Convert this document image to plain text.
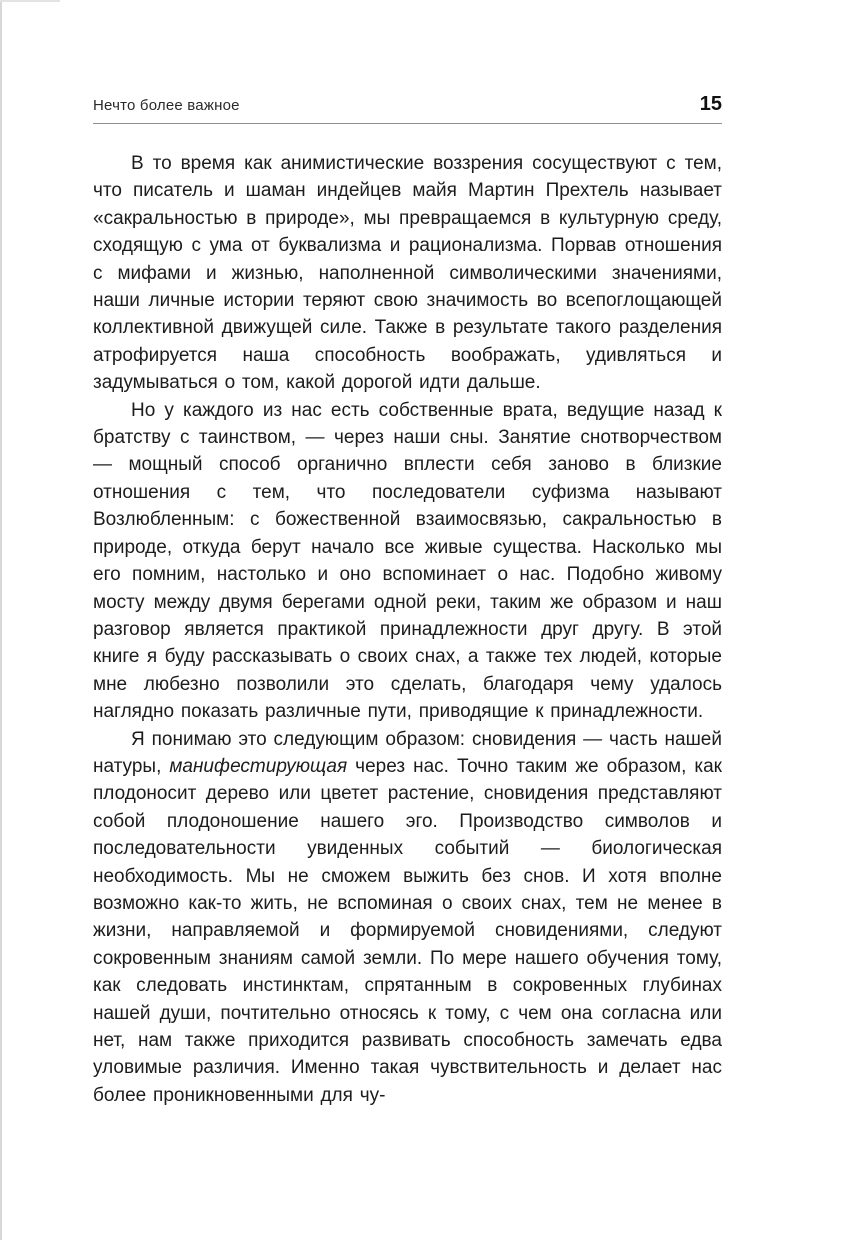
Нечто более важное	15

В то время как анимистические воззрения сосуществуют с тем, что писатель и шаман индейцев майя Мартин Прехтель называет «сакральностью в природе», мы превращаемся в культурную среду, сходящую с ума от буквализма и рационализма. Порвав отношения с мифами и жизнью, наполненной символическими значениями, наши личные истории теряют свою значимость во всепоглощающей коллективной движущей силе. Также в результате такого разделения атрофируется наша способность воображать, удивляться и задумываться о том, какой дорогой идти дальше.

Но у каждого из нас есть собственные врата, ведущие назад к братству с таинством, — через наши сны. Занятие снотворчеством — мощный способ органично вплести себя заново в близкие отношения с тем, что последователи суфизма называют Возлюбленным: с божественной взаимосвязью, сакральностью в природе, откуда берут начало все живые существа. Насколько мы его помним, настолько и оно вспоминает о нас. Подобно живому мосту между двумя берегами одной реки, таким же образом и наш разговор является практикой принадлежности друг другу. В этой книге я буду рассказывать о своих снах, а также тех людей, которые мне любезно позволили это сделать, благодаря чему удалось наглядно показать различные пути, приводящие к принадлежности.

Я понимаю это следующим образом: сновидения — часть нашей натуры, манифестирующая через нас. Точно таким же образом, как плодоносит дерево или цветет растение, сновидения представляют собой плодоношение нашего эго. Производство символов и последовательности увиденных событий — биологическая необходимость. Мы не сможем выжить без снов. И хотя вполне возможно как-то жить, не вспоминая о своих снах, тем не менее в жизни, направляемой и формируемой сновидениями, следуют сокровенным знаниям самой земли. По мере нашего обучения тому, как следовать инстинктам, спрятанным в сокровенных глубинах нашей души, почтительно относясь к тому, с чем она согласна или нет, нам также приходится развивать способность замечать едва уловимые различия. Именно такая чувствительность и делает нас более проникновенными для чу-
